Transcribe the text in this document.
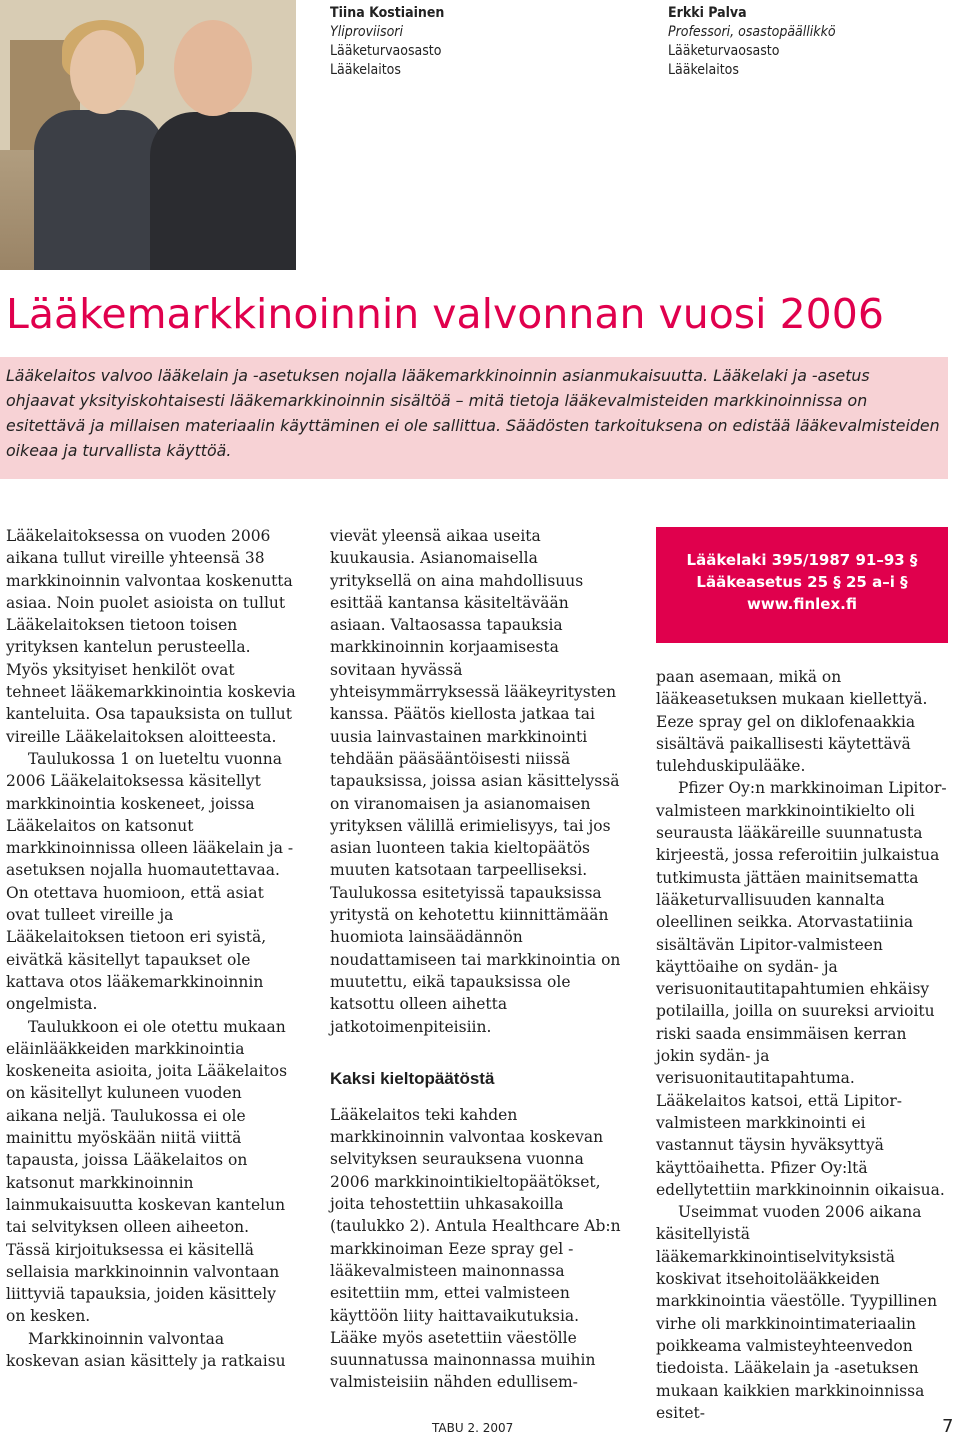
Tiina Kostiainen
Yliproviisori
Lääketurvaosasto
Lääkelaitos
Erkki Palva
Professori, osastopäällikkö
Lääketurvaosasto
Lääkelaitos
Lääkemarkkinoinnin valvonnan vuosi 2006
Lääkelaitos valvoo lääkelain ja -asetuksen nojalla lääkemarkkinoinnin asianmukaisuutta. Lääkelaki ja -asetus ohjaavat yksityiskohtaisesti lääkemarkkinoinnin sisältöä – mitä tietoja lääkevalmisteiden markkinoinnissa on esitettävä ja millaisen materiaalin käyttäminen ei ole sallittua. Säädösten tarkoituksena on edistää lääkevalmisteiden oikeaa ja turvallista käyttöä.

Lääkelaitoksessa on vuoden 2006 aikana tullut vireille yhteensä 38 markkinoinnin valvontaa koskenutta asiaa. Noin puolet asioista on tullut Lääkelaitoksen tietoon toisen yrityksen kantelun perusteella. Myös yksityiset henkilöt ovat tehneet lääkemarkkinointia koskevia kanteluita. Osa tapauksista on tullut vireille Lääkelaitoksen aloitteesta.

Taulukossa 1 on lueteltu vuonna 2006 Lääkelaitoksessa käsitellyt markkinointia koskeneet, joissa Lääkelaitos on katsonut markkinoinnissa olleen lääkelain ja -asetuksen nojalla huomautettavaa. On otettava huomioon, että asiat ovat tulleet vireille ja Lääkelaitoksen tietoon eri syistä, eivätkä käsitellyt tapaukset ole kattava otos lääkemarkkinoinnin ongelmista.

Taulukkoon ei ole otettu mukaan eläinlääkkeiden markkinointia koskeneita asioita, joita Lääkelaitos on käsitellyt kuluneen vuoden aikana neljä. Taulukossa ei ole mainittu myöskään niitä viittä tapausta, joissa Lääkelaitos on katsonut markkinoinnin lainmukaisuutta koskevan kantelun tai selvityksen olleen aiheeton. Tässä kirjoituksessa ei käsitellä sellaisia markkinoinnin valvontaan liittyviä tapauksia, joiden käsittely on kesken.

Markkinoinnin valvontaa koskevan asian käsittely ja ratkaisu

vievät yleensä aikaa useita kuukausia. Asianomaisella yrityksellä on aina mahdollisuus esittää kantansa käsiteltävään asiaan. Valtaosassa tapauksia markkinoinnin korjaamisesta sovitaan hyvässä yhteisymmärryksessä lääkeyritysten kanssa. Päätös kiellosta jatkaa tai uusia lainvastainen markkinointi tehdään pääsääntöisesti niissä tapauksissa, joissa asian käsittelyssä on viranomaisen ja asianomaisen yrityksen välillä erimielisyys, tai jos asian luonteen takia kieltopäätös muuten katsotaan tarpeelliseksi. Taulukossa esitetyissä tapauksissa yritystä on kehotettu kiinnittämään huomiota lainsäädännön noudattamiseen tai markkinointia on muutettu, eikä tapauksissa ole katsottu olleen aihetta jatkotoimenpiteisiin.

Kaksi kieltopäätöstä

Lääkelaitos teki kahden markkinoinnin valvontaa koskevan selvityksen seurauksena vuonna 2006 markkinointikieltopäätökset, joita tehostettiin uhkasakoilla (taulukko 2). Antula Healthcare Ab:n markkinoiman Eeze spray gel -lääkevalmisteen mainonnassa esitettiin mm, ettei valmisteen käyttöön liity haittavaikutuksia. Lääke myös asetettiin väestölle suunnatussa mainonnassa muihin valmisteisiin nähden edullisem-

Lääkelaki 395/1987 91–93 §
Lääkeasetus 25 § 25 a–i §
www.finlex.fi

paan asemaan, mikä on lääkeasetuksen mukaan kiellettyä. Eeze spray gel on diklofenaakkia sisältävä paikallisesti käytettävä tulehduskipulääke.

Pfizer Oy:n markkinoiman Lipitor-valmisteen markkinointikielto oli seurausta lääkäreille suunnatusta kirjeestä, jossa referoitiin julkaistua tutkimusta jättäen mainitsematta lääketurvallisuuden kannalta oleellinen seikka. Atorvastatiinia sisältävän Lipitor-valmisteen käyttöaihe on sydän- ja verisuonitautitapahtumien ehkäisy potilailla, joilla on suureksi arvioitu riski saada ensimmäisen kerran jokin sydän- ja verisuonitautitapahtuma. Lääkelaitos katsoi, että Lipitor-valmisteen markkinointi ei vastannut täysin hyväksyttyä käyttöaihetta. Pfizer Oy:ltä edellytettiin markkinoinnin oikaisua.

Useimmat vuoden 2006 aikana käsitellyistä lääkemarkkinointiselvityksistä koskivat itsehoitolääkkeiden markkinointia väestölle. Tyypillinen virhe oli markkinointimateriaalin poikkeama valmisteyhteenvedon tiedoista. Lääkelain ja -asetuksen mukaan kaikkien markkinoinnissa esitet-

TABU 2. 2007	7
